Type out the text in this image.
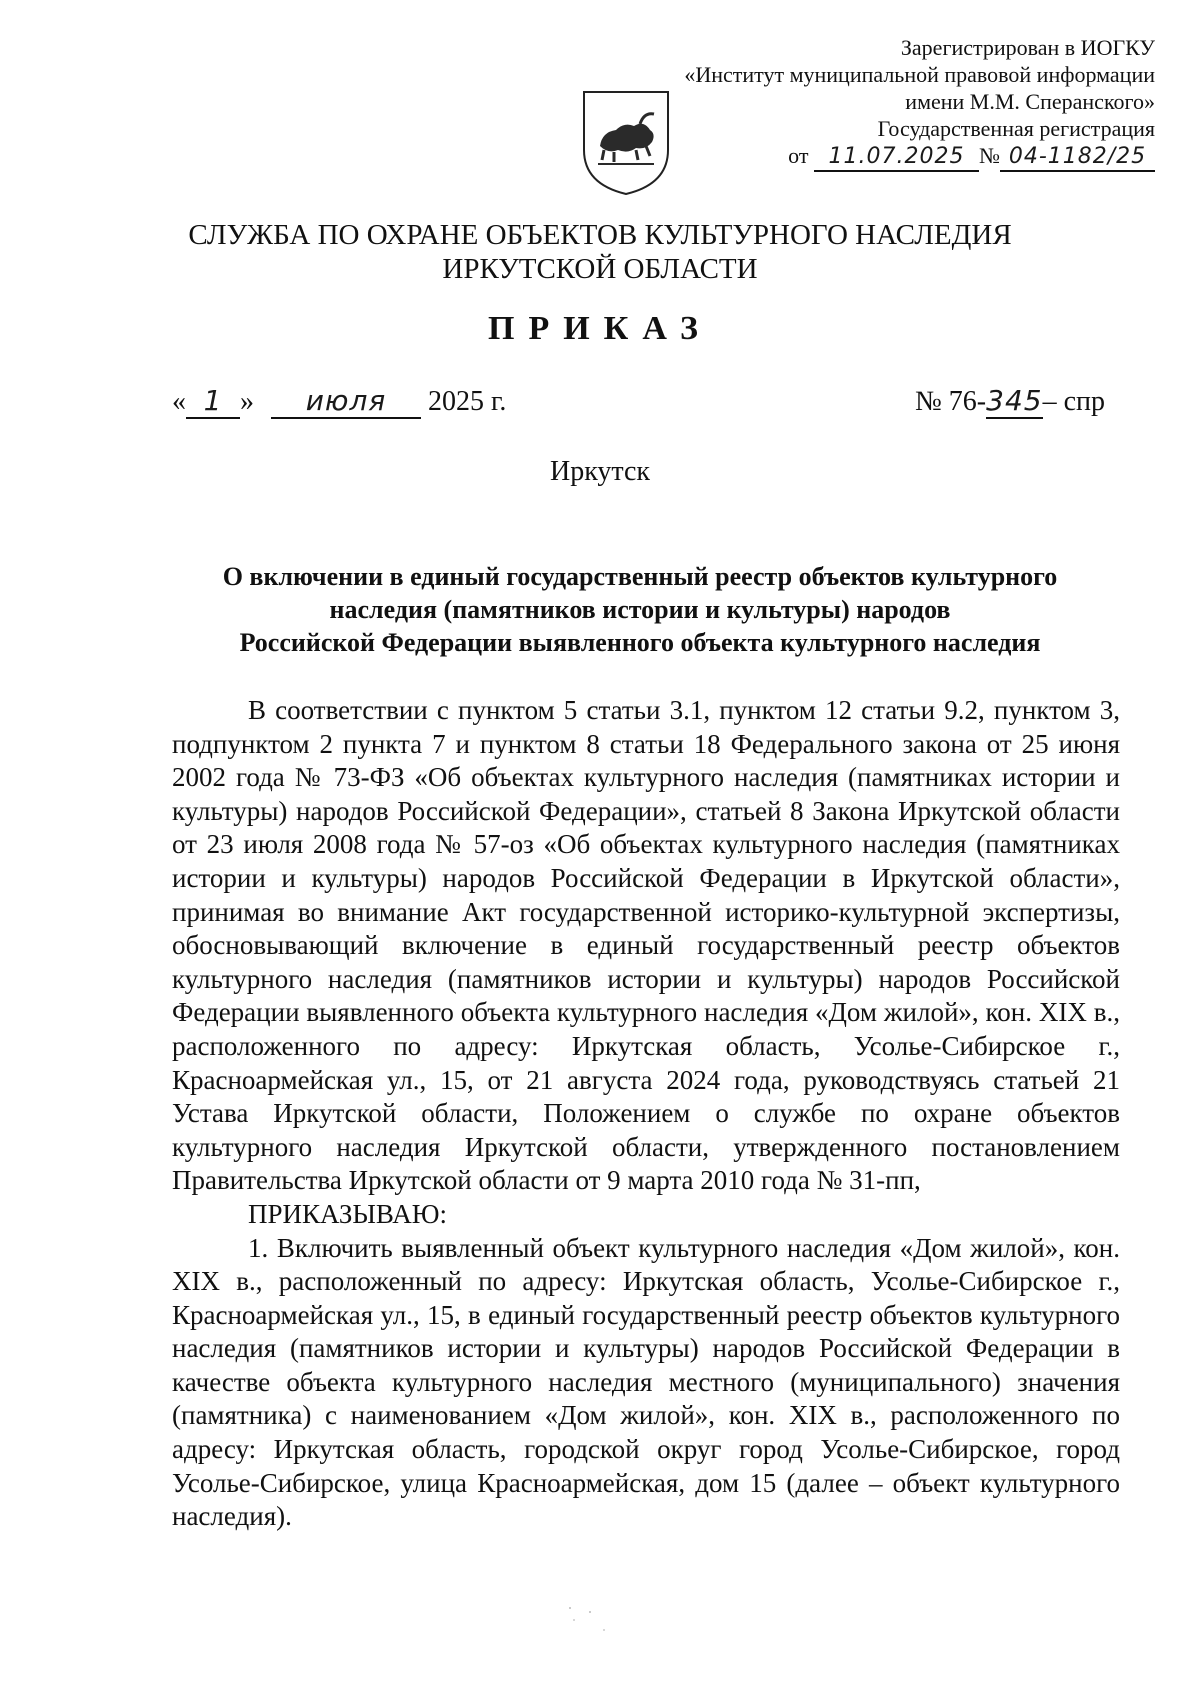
Зарегистрирован в ИОГКУ
«Институт муниципальной правовой информации
имени М.М. Сперанского»
Государственная регистрация
от 11.07.2025 № 04-1182/25
СЛУЖБА ПО ОХРАНЕ ОБЪЕКТОВ КУЛЬТУРНОГО НАСЛЕДИЯ
ИРКУТСКОЙ ОБЛАСТИ
ПРИКАЗ
« 1 » июля 2025 г.	№ 76-345– спр
Иркутск
О включении в единый государственный реестр объектов культурного
наследия (памятников истории и культуры) народов
Российской Федерации выявленного объекта культурного наследия

В соответствии с пунктом 5 статьи 3.1, пунктом 12 статьи 9.2, пунктом 3, подпунктом 2 пункта 7 и пунктом 8 статьи 18 Федерального закона от 25 июня 2002 года № 73-ФЗ «Об объектах культурного наследия (памятниках истории и культуры) народов Российской Федерации», статьей 8 Закона Иркутской области от 23 июля 2008 года № 57-оз «Об объектах культурного наследия (памятниках истории и культуры) народов Российской Федерации в Иркутской области», принимая во внимание Акт государственной историко-культурной экспертизы, обосновывающий включение в единый государственный реестр объектов культурного наследия (памятников истории и культуры) народов Российской Федерации выявленного объекта культурного наследия «Дом жилой», кон. XIX в., расположенного по адресу: Иркутская область, Усолье-Сибирское г., Красноармейская ул., 15, от 21 августа 2024 года, руководствуясь статьей 21 Устава Иркутской области, Положением о службе по охране объектов культурного наследия Иркутской области, утвержденного постановлением Правительства Иркутской области от 9 марта 2010 года № 31-пп,

ПРИКАЗЫВАЮ:

1. Включить выявленный объект культурного наследия «Дом жилой», кон. XIX в., расположенный по адресу: Иркутская область, Усолье-Сибирское г., Красноармейская ул., 15, в единый государственный реестр объектов культурного наследия (памятников истории и культуры) народов Российской Федерации в качестве объекта культурного наследия местного (муниципального) значения (памятника) с наименованием «Дом жилой», кон. XIX в., расположенного по адресу: Иркутская область, городской округ город Усолье-Сибирское, город Усолье-Сибирское, улица Красноармейская, дом 15 (далее – объект культурного наследия).
